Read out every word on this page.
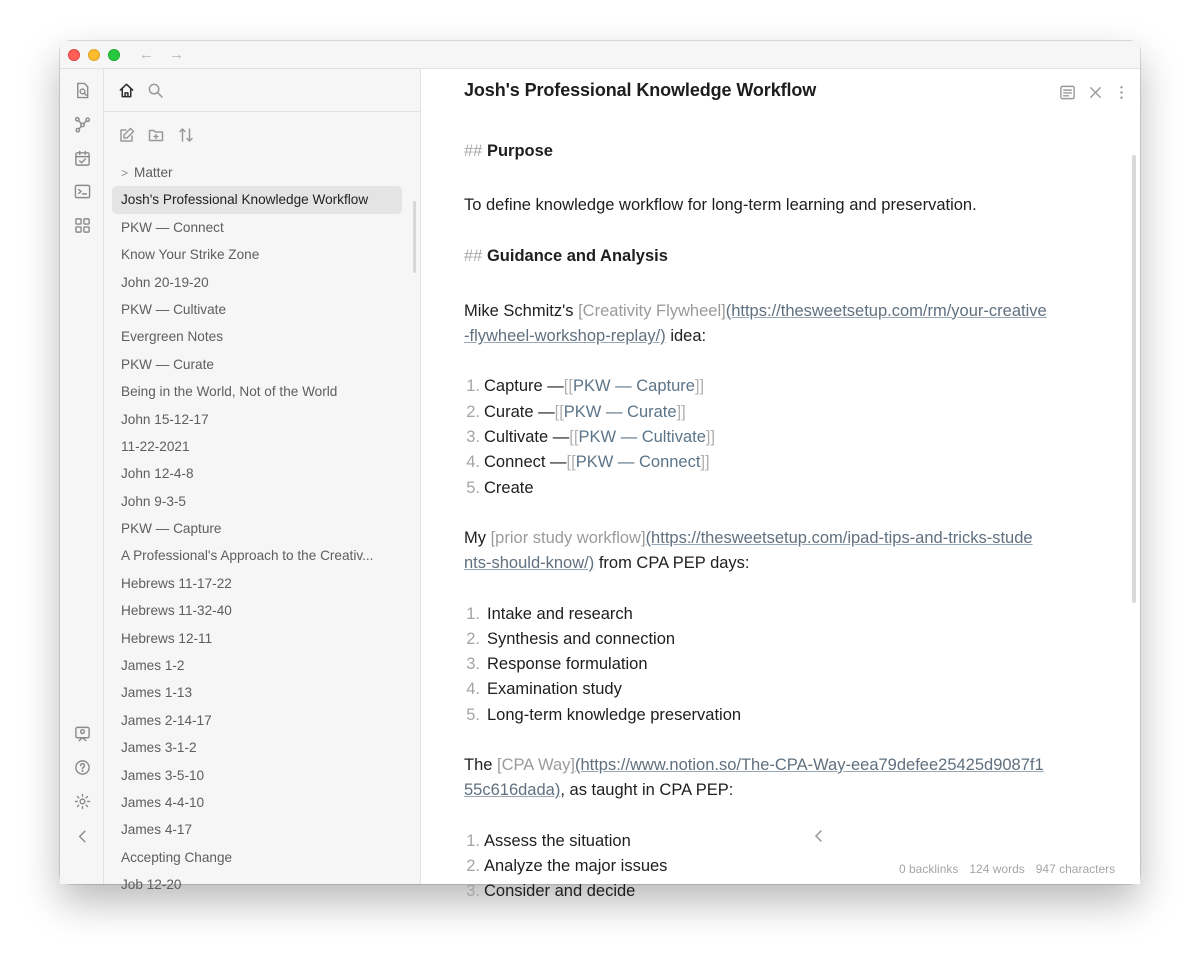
← →
> Matter
Josh's Professional Knowledge Workflow
PKW — Connect
Know Your Strike Zone
John 20-19-20
PKW — Cultivate
Evergreen Notes
PKW — Curate
Being in the World, Not of the World
John 15-12-17
11-22-2021
John 12-4-8
John 9-3-5
PKW — Capture
A Professional's Approach to the Creativ...
Hebrews 11-17-22
Hebrews 11-32-40
Hebrews 12-11
James 1-2
James 1-13
James 2-14-17
James 3-1-2
James 3-5-10
James 4-4-10
James 4-17
Accepting Change
Job 12-20
Josh's Professional Knowledge Workflow
## Purpose
To define knowledge workflow for long-term learning and preservation.
## Guidance and Analysis
Mike Schmitz's [Creativity Flywheel](https://thesweetsetup.com/rm/your-creative
-flywheel-workshop-replay/) idea:
1. Capture — [[ PKW — Capture ]]
2. Curate — [[ PKW — Curate ]]
3. Cultivate — [[ PKW — Cultivate ]]
4. Connect — [[ PKW — Connect ]]
5. Create
My [prior study workflow](https://thesweetsetup.com/ipad-tips-and-tricks-stude
nts-should-know/) from CPA PEP days:
1. Intake and research
2. Synthesis and connection
3. Response formulation
4. Examination study
5. Long-term knowledge preservation
The [CPA Way](https://www.notion.so/The-CPA-Way-eea79defee25425d9087f1
55c616dada), as taught in CPA PEP:
1. Assess the situation
2. Analyze the major issues
3. Consider and decide
0 backlinks 124 words 947 characters
